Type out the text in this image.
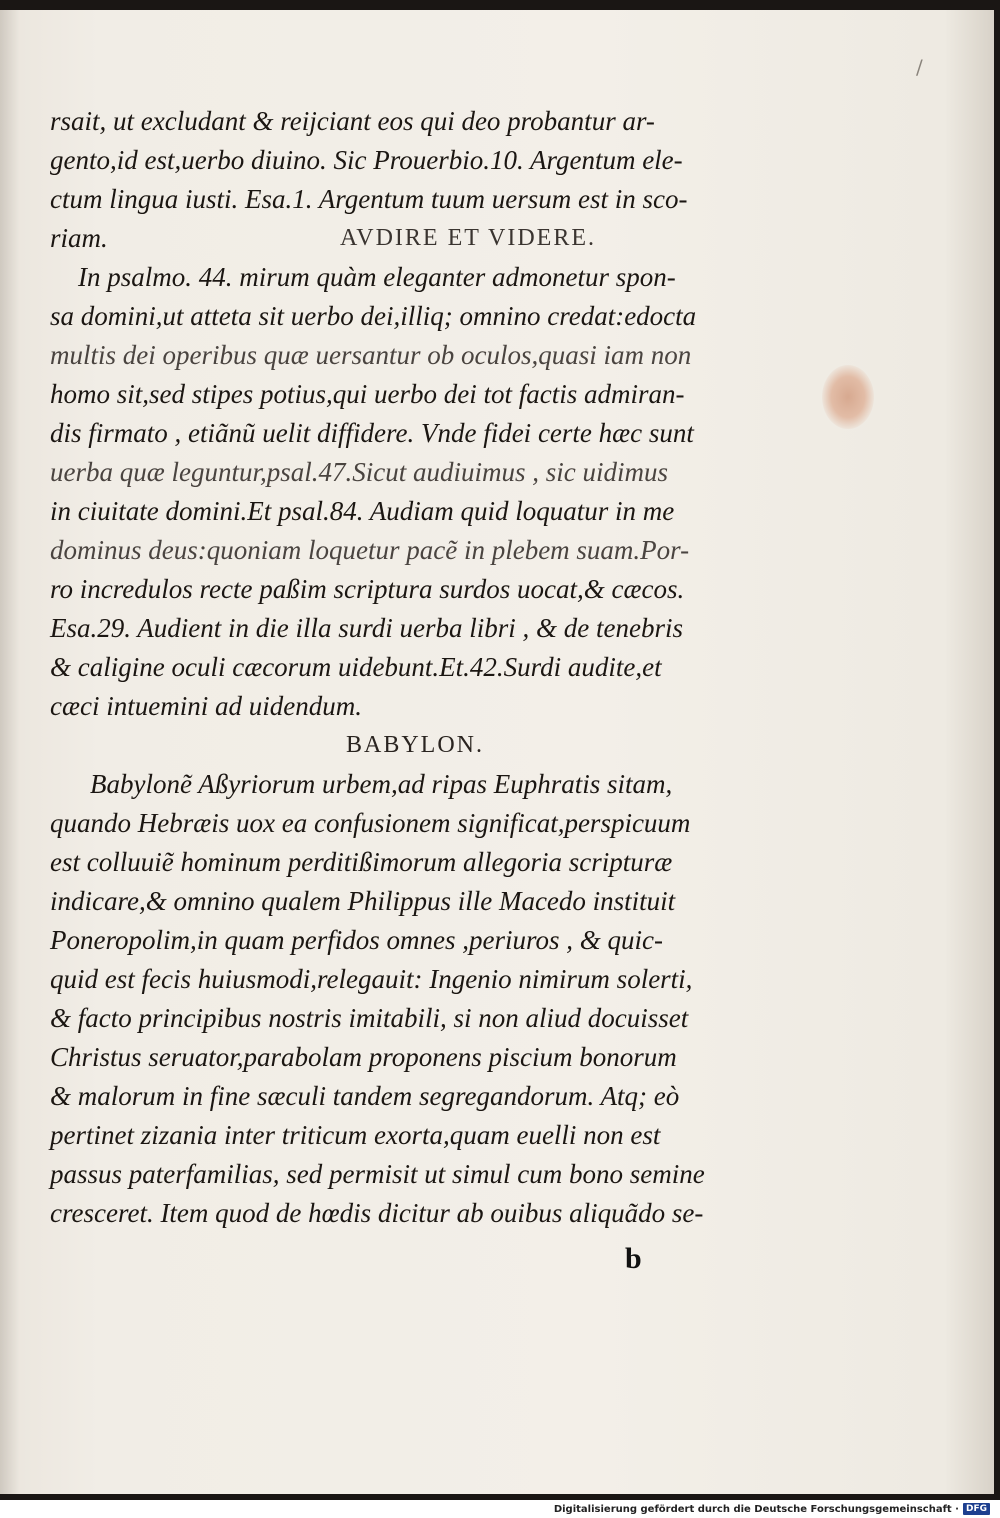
/
rsait, ut excludant & reijciant eos qui deo probantur ar-
gento,id est,uerbo diuino. Sic Prouerbio.10. Argentum ele-
ctum lingua iusti. Esa.1. Argentum tuum uersum est in sco-
riam.	AVDIRE ET VIDERE.
In psalmo. 44. mirum quàm eleganter admonetur spon-
sa domini,ut atteta sit uerbo dei,illiq; omnino credat:edocta
multis dei operibus quæ uersantur ob oculos,quasi iam non
homo sit,sed stipes potius,qui uerbo dei tot factis admiran-
dis firmato , etiãnũ uelit diffidere. Vnde fidei certe hæc sunt
uerba quæ leguntur,psal.47.Sicut audiuimus , sic uidimus
in ciuitate domini.Et psal.84. Audiam quid loquatur in me
dominus deus:quoniam loquetur pacẽ in plebem suam.Por-
ro incredulos recte paßim scriptura surdos uocat,& cæcos.
Esa.29. Audient in die illa surdi uerba libri , & de tenebris
& caligine oculi cæcorum uidebunt.Et.42.Surdi audite,et
cæci intuemini ad uidendum.
BABYLON.
Babylonẽ Aßyriorum urbem,ad ripas Euphratis sitam,
quando Hebræis uox ea confusionem significat,perspicuum
est colluuiẽ hominum perditißimorum allegoria scripturæ
indicare,& omnino qualem Philippus ille Macedo instituit
Poneropolim,in quam perfidos omnes ,periuros , & quic-
quid est fecis huiusmodi,relegauit: Ingenio nimirum solerti,
& facto principibus nostris imitabili, si non aliud docuisset
Christus seruator,parabolam proponens piscium bonorum
& malorum in fine sæculi tandem segregandorum. Atq; eò
pertinet zizania inter triticum exorta,quam euelli non est
passus paterfamilias, sed permisit ut simul cum bono semine
cresceret. Item quod de hœdis dicitur ab ouibus aliquãdo se-
b
Digitalisierung gefördert durch die Deutsche Forschungsgemeinschaft · DFG
